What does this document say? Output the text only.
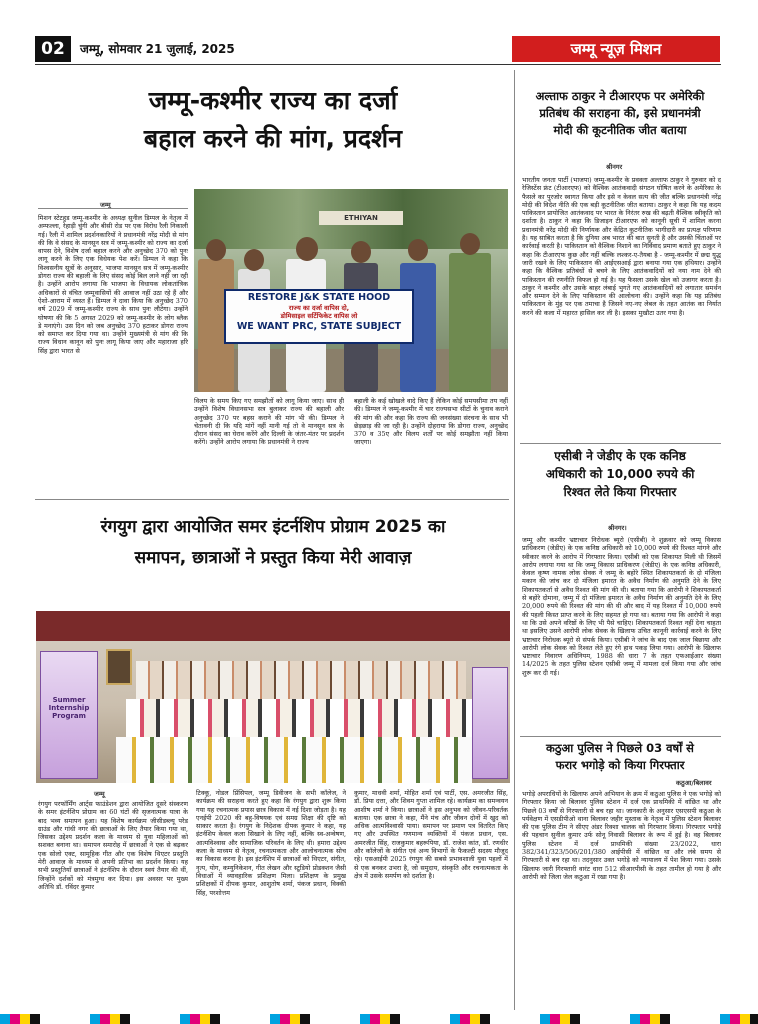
02	जम्मू, सोमवार 21 जुलाई, 2025	जम्मू न्यूज़ मिशन
जम्मू-कश्मीर राज्य का दर्जा
बहाल करने की मांग, प्रदर्शन
जम्मू
मिशन स्टेटहुड जम्मू-कश्मीर के अध्यक्ष सुनील डिम्पल के नेतृत्व में अम्फल्ला, रेहाड़ी चुंगी और बीसी रोड पर एक विरोध रैली निकाली गई। रैली में शामिल प्रदर्शनकारियों ने प्रधानमंत्री नरेंद्र मोदी से मांग की कि वे संसद के मानसून सत्र में जम्मू-कश्मीर को राज्य का दर्जा वापस देने, विशेष दर्जा बहाल करने और अनुच्छेद 370 को पुनः लागू करने के लिए एक विधेयक पेश करें। डिम्पल ने कहा कि विश्वसनीय सूत्रों के अनुसार, भाजपा मानसून सत्र में जम्मू-कश्मीर डोगरा राज्य की बहाली के लिए संसद कोई बिल लाने नहीं जा रही है। उन्होंने आरोप लगाया कि भाजपा के विधायक लोकतांत्रिक अधिकारों से वंचित जम्मूवासियों की आवाज नहीं उठा रहे हैं और ऐशो-आराम में व्यस्त हैं। डिम्पल ने दावा किया कि अनुच्छेद 370 वर्ष 2029 में जम्मू-कश्मीर राज्य के साथ पुनः लौटेगा। उन्होंने घोषणा की कि 5 अगस्त 2029 को जम्मू-कश्मीर के लोग ब्लैक डे मनाएंगे। उस दिन को जब अनुच्छेद 370 हटाकर डोगरा राज्य को समाप्त कर दिया गया था। उन्होंने मुख्यमंत्री से मांग की कि राज्य विधान कानून को पुनः लागू किया जाए और महाराजा हरि सिंह द्वारा भारत से
ETHIYAN
RESTORE J&K STATE HOOD
राज्य का दर्जा वापिस दो,
डोमिसाइल सर्टिफिकेट वापिस लो
WE WANT PRC, STATE SUBJECT
विलय के समय किए गए समझौतों को लागू किया जाए। साथ ही उन्होंने विशेष विधानसभा सत्र बुलाकर राज्य की बहाली और अनुच्छेद 370 पर बहस कराने की मांग भी की। डिम्पल ने चेतावनी दी कि यदि मांगें नहीं मानी गई तो वे मानसून सत्र के दौरान संसद का घेराव करेंगे और दिल्ली के जंतर-मंतर पर प्रदर्शन करेंगे। उन्होंने आरोप लगाया कि प्रधानमंत्री ने राज्य
बहाली के कई खोखले वादे किए हैं लेकिन कोई समयसीमा तय नहीं की। डिम्पल ने जम्मू-कश्मीर में चार राज्यसभा सीटों के चुनाव कराने की मांग की और कहा कि राज्य की जनसंख्या संरचना के साथ भी छेड़छाड़ की जा रही है। उन्होंने दोहराया कि डोगरा राज्य, अनुच्छेद 370 व 35ए और विलय शर्तों पर कोई समझौता नहीं किया जाएगा।
अल्ताफ ठाकुर ने टीआरएफ पर अमेरिकी
प्रतिबंध की सराहना की, इसे प्रधानमंत्री
मोदी की कूटनीतिक जीत बताया
श्रीनगर
भारतीय जनता पार्टी (भाजपा) जम्मू-कश्मीर के प्रवक्ता अल्ताफ ठाकुर ने गुरुवार को द रेजिस्टेंस फ्रंट (टीआरएफ) को वैश्विक आतंकवादी संगठन घोषित करने के अमेरिका के फैसले का पुरजोर स्वागत किया और इसे न केवल सत्य की जीत बल्कि प्रधानमंत्री नरेंद्र मोदी की विदेश नीति की एक बड़ी कूटनीतिक जीत बताया। ठाकुर ने कहा कि यह कदम पाकिस्तान प्रायोजित आतंकवाद पर भारत के निरंतर रुख की बढ़ती वैश्विक स्वीकृति को दर्शाता है। ठाकुर ने कहा कि डिजाइन टीआरएफ को कानूनी सूची में शामिल करना प्रधानमंत्री नरेंद्र मोदी की निर्णायक और केंद्रित कूटनीतिक भागीदारी का प्रत्यक्ष परिणाम है। यह साबित करता है कि दुनिया अब भारत की बात सुनती है और उसकी चिंताओं पर कार्रवाई करती है। पाकिस्तान को वैश्विक निशाने का निर्विवाद प्रमाण बताते हुए ठाकुर ने कहा कि टीआरएफ कुछ और नहीं बल्कि लश्कर-ए-तैयबा है - जम्मू-कश्मीर में छद्म युद्ध जारी रखने के लिए पाकिस्तान की आईएसआई द्वारा बनाया गया एक हथियार। उन्होंने कहा कि वैश्विक प्रतिबंधों से बचने के लिए आतंकवादियों को नया नाम देने की पाकिस्तान की रणनीति विफल हो गई है। यह फैसला उसके खेल को उजागर करता है। ठाकुर ने कश्मीर और उसके बाहर लंबाई भुगते गए आतंकवादियों को लगातार समर्थन और सम्मान देने के लिए पाकिस्तान की आलोचना की। उन्होंने कहा कि यह प्रतिबंध पाकिस्तान के मुंह पर एक तमाचा है जिसने नए-नए लेबल के तहत आतंक का निर्यात करने की कला में महारत हासिल कर ली है। इसका मुखौटा उतर गया है।
एसीबी ने जेडीए के एक कनिष्ठ
अधिकारी को 10,000 रुपये की
रिश्वत लेते किया गिरफ्तार
श्रीनगर।
जम्मू और कश्मीर भ्रष्टाचार निरोधक ब्यूरो (एसीबी) ने शुक्रवार को जम्मू विकास प्राधिकरण (जेडीए) के एक कनिष्ठ अधिकारी को 10,000 रुपये की रिश्वत मांगने और स्वीकार करने के आरोप में गिरफ्तार किया। एसीबी को एक शिकायत मिली थी जिसमें आरोप लगाया गया था कि जम्मू विकास प्राधिकरण (जेडीए) के एक कनिष्ठ अधिकारी, केवल कृष्ण नामक लोक सेवक ने जम्मू के बहोरे स्थित शिकायतकर्ता के दो मंजिला मकान की जांच कर दो मंजिला इमारत के अवैध निर्माण की अनुमति देने के लिए शिकायतकर्ता से अवैध रिश्वत की मांग की थी। बताया गया कि आरोपी ने शिकायतकर्ता से बहोरे दोमाना, जम्मू में दो मंजिला इमारत के अवैध निर्माण की अनुमति देने के लिए 20,000 रुपये की रिश्वत की मांग की थी और बाद में यह रिश्वत में 10,000 रुपये की पहली किस्त प्राप्त करने के लिए सहमत हो गया था। बताया गया कि आरोपी ने कहा था कि उसे अपने वरिष्ठों के लिए भी पैसे चाहिए। शिकायतकर्ता रिश्वत नहीं देना चाहता था इसलिए उसने आरोपी लोक सेवक के खिलाफ उचित कानूनी कार्रवाई करने के लिए भ्रष्टाचार निरोधक ब्यूरो से संपर्क किया। एसीबी ने जांच के बाद एक जाल बिछाया और आरोपी लोक सेवक को रिश्वत लेते हुए रंगे हाथ पकड़ लिया गया। आरोपी के खिलाफ भ्रष्टाचार निवारण अधिनियम, 1988 की धारा 7 के तहत एफआईआर संख्या 14/2025 के तहत पुलिस स्टेशन एसीबी जम्मू में मामला दर्ज किया गया और जांच शुरू कर दी गई।
कठुआ पुलिस ने पिछले 03 वर्षों से
फरार भगोड़े को किया गिरफ्तार
कठुआ/बिलावर
भगोड़े अपराधियों के खिलाफ अपने अभियान के क्रम में कठुआ पुलिस ने एक भगोड़े को गिरफ्तार किया जो बिलावर पुलिस स्टेशन में दर्ज एक प्राथमिकी में वांछित था और पिछले 03 वर्षों से गिरफ्तारी से बच रहा था। जानकारी के अनुसार एसएसपी कठुआ के पर्यवेक्षण में एसडीपीओ थाना बिलावर जहीर मुस्ताक के नेतृत्व में पुलिस स्टेशन बिलावर की एक पुलिस टीम ने सीएए अंडर रिक्शा चालक को गिरफ्तार किया। गिरफ्तार भगोड़े की पहचान सुनील कुमार उर्फ सोनू निवासी बिलावर के रूप में हुई है। वह बिलावर पुलिस स्टेशन में दर्ज प्राथमिकी संख्या 23/2022, धारा 382/341/323/506/201/380 आईपीसी में वांछित था और लंबे समय से गिरफ्तारी से बच रहा था। तदनुसार उक्त भगोड़े को न्यायालय में पेश किया गया। उसके खिलाफ जारी गिरफ्तारी वारंट धारा 512 सीआरपीसी के तहत तामील हो गया है और आरोपी को जिला जेल कठुआ में रखा गया है।
रंगयुग द्वारा आयोजित समर इंटर्नशिप प्रोग्राम 2025 का
समापन, छात्राओं ने प्रस्तुत किया मेरी आवाज़
Summer
Internship
Program
जम्मू
रंगयुग परफॉर्मिंग आर्ट्स फाउंडेशन द्वारा आयोजित दूसरे संस्करण के समर इंटर्नशिप प्रोग्राम का 60 घंटों की सृजनात्मक यात्रा के बाद भव्य समापन हुआ। यह विशेष कार्यक्रम जीसीडब्ल्यू परेड ग्राउंड और गांधी नगर की छात्राओं के लिए तैयार किया गया था, जिसका उद्देश्य प्रदर्शन कला के माध्यम से युवा महिलाओं को सशक्त बनाना था। समापन समारोह में छात्राओं ने एक से बढ़कर एक सोलो एक्ट, सामूहिक गीत और एक विशेष थिएटर प्रस्तुति मेरी आवाज़ के माध्यम से अपनी प्रतिभा का प्रदर्शन किया। यह सभी प्रस्तुतियाँ छात्राओं ने इंटर्नशिप के दौरान स्वयं तैयार की थीं, जिन्होंने दर्शकों को मंत्रमुग्ध कर दिया। इस अवसर पर मुख्य अतिथि डॉ. रविंदर कुमार
टिक्कू, नोडल प्रिंसिपल, जम्मू डिवीजन के सभी कॉलेज, ने कार्यक्रम की सराहना करते हुए कहा कि रंगयुग द्वारा शुरू किया गया यह रचनात्मक प्रयास छात्र विकास में नई दिशा जोड़ता है। यह एनईपी 2020 की बहु-विषयक एवं समग्र शिक्षा की दृष्टि को साकार करता है। रंगयुग के निदेशक दीपक कुमार ने कहा, यह इंटर्नशिप केवल कला सिखाने के लिए नहीं, बल्कि स्व-अन्वेषण, आत्मविश्वास और सामाजिक परिवर्तन के लिए थी। हमारा उद्देश्य कला के माध्यम से नेतृत्व, रचनात्मकता और आलोचनात्मक सोच का विकास करना है। इस इंटर्नशिप में छात्राओं को थिएटर, संगीत, नृत्य, योग, कम्युनिकेशन, गीत लेखन और स्टूडियो प्रोडक्शन जैसी विधाओं में व्यावहारिक प्रशिक्षण मिला। प्रशिक्षण के प्रमुख प्रशिक्षकों में दीपक कुमार, आशुतोष शर्मा, पंकज प्रधान, विक्की सिंह, परशोत्तम
कुमार, माधवी शर्मा, मोहित शर्मा एवं पार्टी, एस. अमरजीत सिंह, डॉ. प्रिया दत्ता, और शिवम गुप्ता शामिल रहे। कार्यक्रम का समन्वयन आशीष शर्मा ने किया। छात्राओं ने इस अनुभव को जीवन-परिवर्तक बताया। एक छात्रा ने कहा, मैंने मंच और जीवन दोनों में खुद को अधिक आत्मविश्वासी पाया। समापन पर प्रमाण पत्र वितरित किए गए और उपस्थित गणमान्य व्यक्तियों में पंकज प्रधान, एस. अमरजीत सिंह, राजकुमार बहरूपिया, डॉ. राजेश कांत, डॉ. रणधीर और कॉलेजों के संगीत एवं अन्य विभागों के फैकल्टी सदस्य मौजूद रहे। एसआईपी 2025 रंगयुग की सबसे प्रभावशाली युवा पहलों में से एक बनकर उभरा है, जो समुदाय, संस्कृति और रचनात्मकता के क्षेत्र में उसके समर्पण को दर्शाता है।
